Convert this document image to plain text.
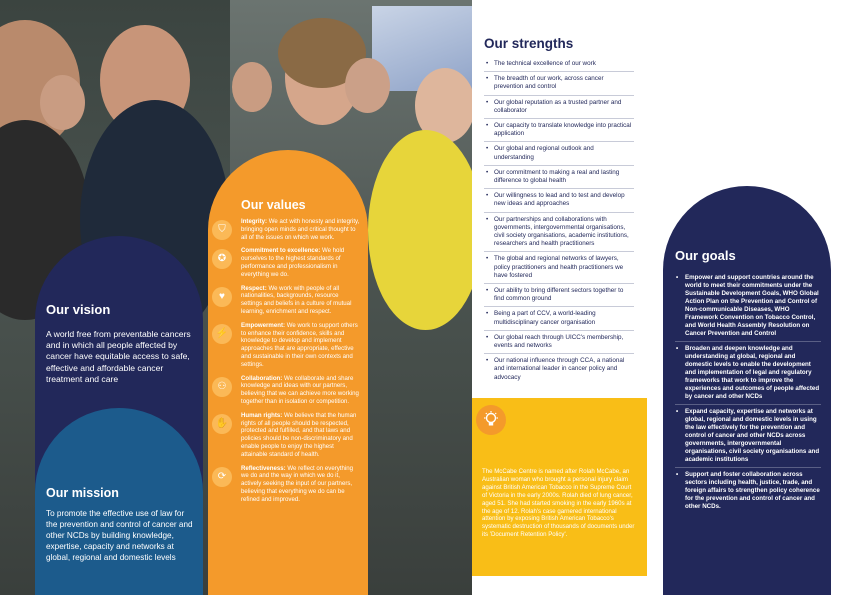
Our strengths
• The technical excellence of our work
• The breadth of our work, across cancer prevention and control
• Our global reputation as a trusted partner and collaborator
• Our capacity to translate knowledge into practical application
• Our global and regional outlook and understanding
• Our commitment to making a real and lasting difference to global health
• Our willingness to lead and to test and develop new ideas and approaches
• Our partnerships and collaborations with governments, intergovernmental organisations, civil society organisations, academic institutions, researchers and health practitioners
• The global and regional networks of lawyers, policy practitioners and health practitioners we have fostered
• Our ability to bring different sectors together to find common ground
• Being a part of CCV, a world-leading multidisciplinary cancer organisation
• Our global reach through UICC's membership, events and networks
• Our national influence through CCA, a national and international leader in cancer policy and advocacy
Our vision

A world free from preventable cancers and in which all people affected by cancer have equitable access to safe, effective and affordable cancer treatment and care

Our mission

To promote the effective use of law for the prevention and control of cancer and other NCDs by building knowledge, expertise, capacity and networks at global, regional and domestic levels

Our values
⛉
Integrity: We act with honesty and integrity, bringing open minds and critical thought to all of the issues on which we work.
✪
Commitment to excellence: We hold ourselves to the highest standards of performance and professionalism in everything we do.
♥
Respect: We work with people of all nationalities, backgrounds, resource settings and beliefs in a culture of mutual learning, enrichment and respect.
⚡
Empowerment: We work to support others to enhance their confidence, skills and knowledge to develop and implement approaches that are appropriate, effective and sustainable in their own contexts and settings.
⚇
Collaboration: We collaborate and share knowledge and ideas with our partners, believing that we can achieve more working together than in isolation or competition.
✋
Human rights: We believe that the human rights of all people should be respected, protected and fulfilled, and that laws and policies should be non-discriminatory and enable people to enjoy the highest attainable standard of health.
⟳
Reflectiveness: We reflect on everything we do and the way in which we do it, actively seeking the input of our partners, believing that everything we do can be refined and improved.

The McCabe Centre is named after Rolah McCabe, an Australian woman who brought a personal injury claim against British American Tobacco in the Supreme Court of Victoria in the early 2000s. Rolah died of lung cancer, aged 51. She had started smoking in the early 1960s at the age of 12. Rolah's case garnered international attention by exposing British American Tobacco's systematic destruction of thousands of documents under its 'Document Retention Policy'.

Our goals
• Empower and support countries around the world to meet their commitments under the Sustainable Development Goals, WHO Global Action Plan on the Prevention and Control of Non-communicable Diseases, WHO Framework Convention on Tobacco Control, and World Health Assembly Resolution on Cancer Prevention and Control
• Broaden and deepen knowledge and understanding at global, regional and domestic levels to enable the development and implementation of legal and regulatory frameworks that work to improve the experiences and outcomes of people affected by cancer and other NCDs
• Expand capacity, expertise and networks at global, regional and domestic levels in using the law effectively for the prevention and control of cancer and other NCDs across governments, intergovernmental organisations, civil society organisations and academic institutions
• Support and foster collaboration across sectors including health, justice, trade, and foreign affairs to strengthen policy coherence for the prevention and control of cancer and other NCDs.
